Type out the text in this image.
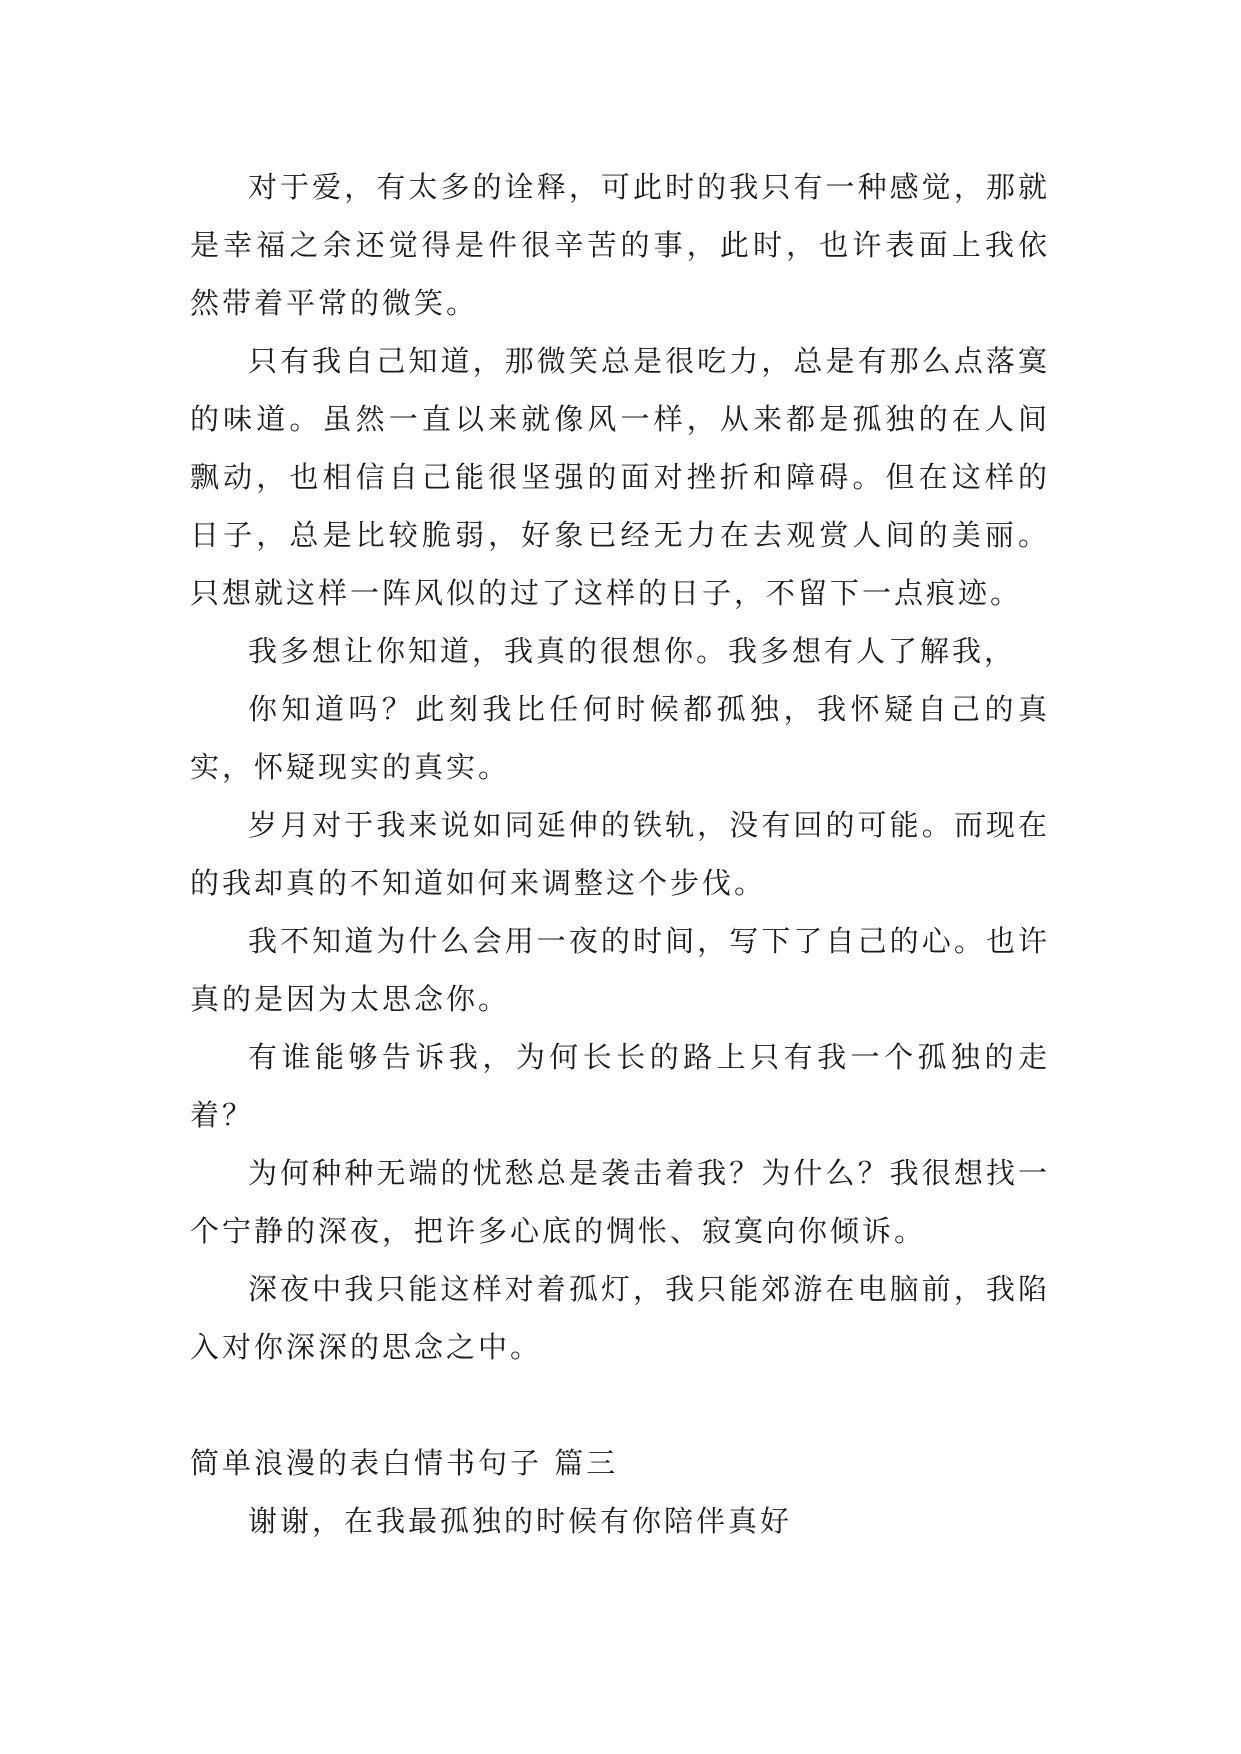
对于爱，有太多的诠释，可此时的我只有一种感觉，那就是幸福之余还觉得是件很辛苦的事，此时，也许表面上我依然带着平常的微笑。

只有我自己知道，那微笑总是很吃力，总是有那么点落寞的味道。虽然一直以来就像风一样，从来都是孤独的在人间飘动，也相信自己能很坚强的面对挫折和障碍。但在这样的日子，总是比较脆弱，好象已经无力在去观赏人间的美丽。只想就这样一阵风似的过了这样的日子，不留下一点痕迹。

我多想让你知道，我真的很想你。我多想有人了解我，

你知道吗？此刻我比任何时候都孤独，我怀疑自己的真实，怀疑现实的真实。

岁月对于我来说如同延伸的铁轨，没有回的可能。而现在的我却真的不知道如何来调整这个步伐。

我不知道为什么会用一夜的时间，写下了自己的心。也许真的是因为太思念你。

有谁能够告诉我，为何长长的路上只有我一个孤独的走着？

为何种种无端的忧愁总是袭击着我？为什么？我很想找一个宁静的深夜，把许多心底的惆怅、寂寞向你倾诉。

深夜中我只能这样对着孤灯，我只能郊游在电脑前，我陷入对你深深的思念之中。

简单浪漫的表白情书句子 篇三

谢谢，在我最孤独的时候有你陪伴真好
